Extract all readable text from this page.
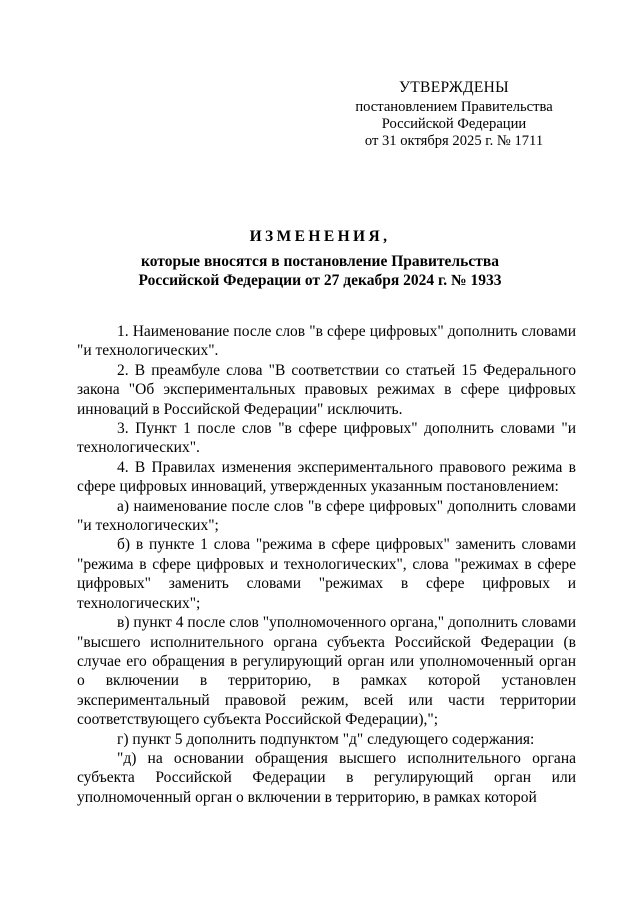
УТВЕРЖДЕНЫ
постановлением Правительства
Российской Федерации
от 31 октября 2025 г. № 1711
ИЗМЕНЕНИЯ,
которые вносятся в постановление Правительства
Российской Федерации от 27 декабря 2024 г. № 1933

1. Наименование после слов "в сфере цифровых" дополнить словами "и технологических".

2. В преамбуле слова "В соответствии со статьей 15 Федерального закона "Об экспериментальных правовых режимах в сфере цифровых инноваций в Российской Федерации" исключить.

3. Пункт 1 после слов "в сфере цифровых" дополнить словами "и технологических".

4. В Правилах изменения экспериментального правового режима в сфере цифровых инноваций, утвержденных указанным постановлением:

а) наименование после слов "в сфере цифровых" дополнить словами "и технологических";

б) в пункте 1 слова "режима в сфере цифровых" заменить словами "режима в сфере цифровых и технологических", слова "режимах в сфере цифровых" заменить словами "режимах в сфере цифровых и технологических";

в) пункт 4 после слов "уполномоченного органа," дополнить словами "высшего исполнительного органа субъекта Российской Федерации (в случае его обращения в регулирующий орган или уполномоченный орган о включении в территорию, в рамках которой установлен экспериментальный правовой режим, всей или части территории соответствующего субъекта Российской Федерации),";

г) пункт 5 дополнить подпунктом "д" следующего содержания:

"д) на основании обращения высшего исполнительного органа субъекта Российской Федерации в регулирующий орган или уполномоченный орган о включении в территорию, в рамках которой
